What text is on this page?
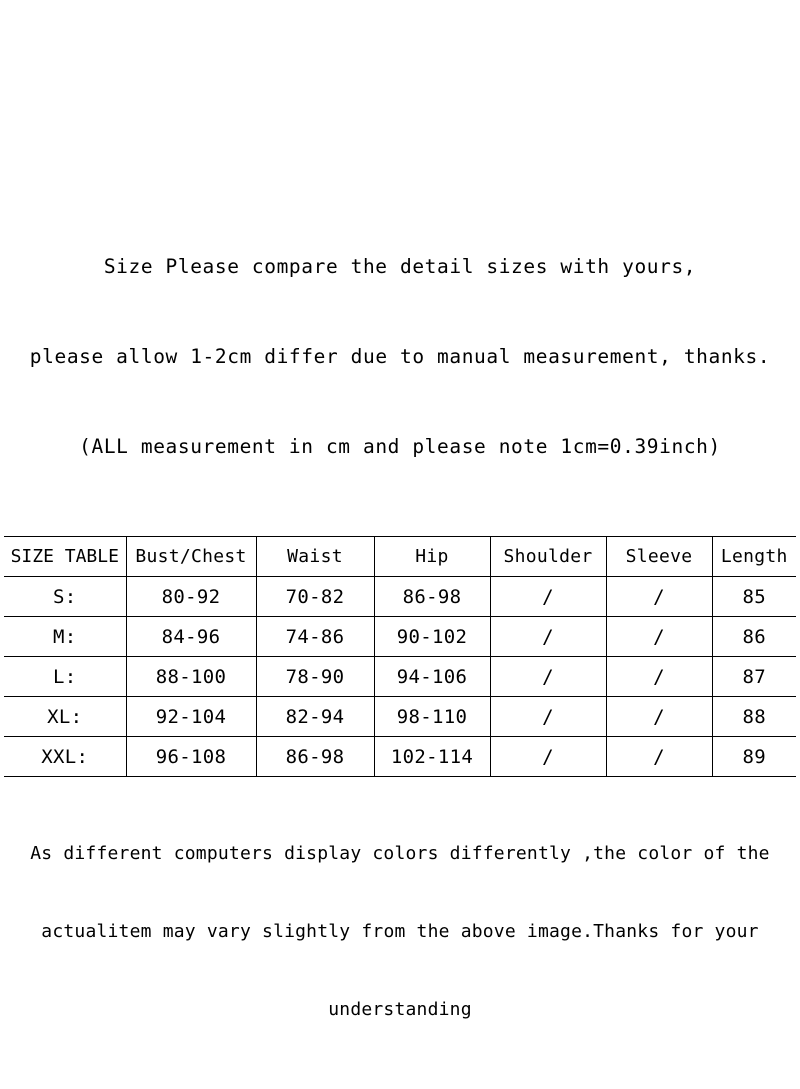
Size Please compare the detail sizes with yours,

please allow 1-2cm differ due to manual measurement, thanks.

(ALL measurement in cm and please note 1cm=0.39inch)

SIZE TABLE	Bust/Chest	Waist	Hip	Shoulder	Sleeve	Length
S:	80-92	70-82	86-98	/	/	85
M:	84-96	74-86	90-102	/	/	86
L:	88-100	78-90	94-106	/	/	87
XL:	92-104	82-94	98-110	/	/	88
XXL:	96-108	86-98	102-114	/	/	89

As different computers display colors differently ,the color of the

actualitem may vary slightly from the above image.Thanks for your

understanding
